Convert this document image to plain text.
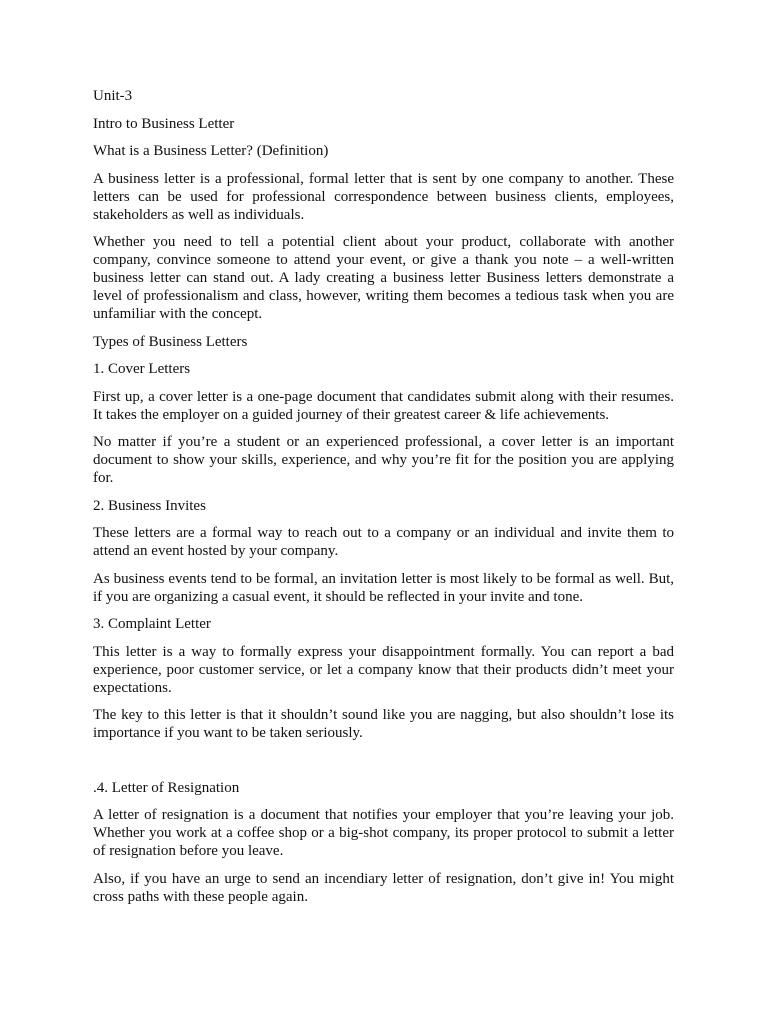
Unit-3

Intro to Business Letter

What is a Business Letter? (Definition)

A business letter is a professional, formal letter that is sent by one company to another. These letters can be used for professional correspondence between business clients, employees, stakeholders as well as individuals.

Whether you need to tell a potential client about your product, collaborate with another company, convince someone to attend your event, or give a thank you note – a well-written business letter can stand out. A lady creating a business letter Business letters demonstrate a level of professionalism and class, however, writing them becomes a tedious task when you are unfamiliar with the concept.

Types of Business Letters

1. Cover Letters

First up, a cover letter is a one-page document that candidates submit along with their resumes. It takes the employer on a guided journey of their greatest career & life achievements.

No matter if you’re a student or an experienced professional, a cover letter is an important document to show your skills, experience, and why you’re fit for the position you are applying for.

2. Business Invites

These letters are a formal way to reach out to a company or an individual and invite them to attend an event hosted by your company.

As business events tend to be formal, an invitation letter is most likely to be formal as well. But, if you are organizing a casual event, it should be reflected in your invite and tone.

3. Complaint Letter

This letter is a way to formally express your disappointment formally. You can report a bad experience, poor customer service, or let a company know that their products didn’t meet your expectations.

The key to this letter is that it shouldn’t sound like you are nagging, but also shouldn’t lose its importance if you want to be taken seriously.

.4. Letter of Resignation

A letter of resignation is a document that notifies your employer that you’re leaving your job. Whether you work at a coffee shop or a big-shot company, its proper protocol to submit a letter of resignation before you leave.

Also, if you have an urge to send an incendiary letter of resignation, don’t give in! You might cross paths with these people again.
